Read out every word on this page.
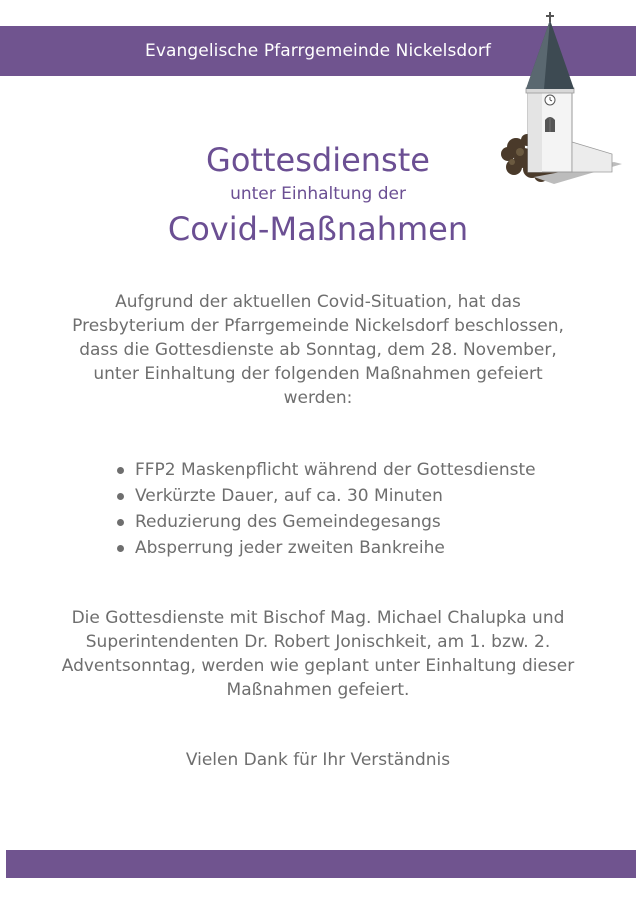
Evangelische Pfarrgemeinde Nickelsdorf
Gottesdienste

unter Einhaltung der

Covid-Maßnahmen

Aufgrund der aktuellen Covid-Situation, hat das Presbyterium der Pfarrgemeinde Nickelsdorf beschlossen, dass die Gottesdienste ab Sonntag, dem 28. November, unter Einhaltung der folgenden Maßnahmen gefeiert werden:

FFP2 Maskenpflicht während der Gottesdienste
Verkürzte Dauer, auf ca. 30 Minuten
Reduzierung des Gemeindegesangs
Absperrung jeder zweiten Bankreihe

Die Gottesdienste mit Bischof Mag. Michael Chalupka und Superintendenten Dr. Robert Jonischkeit, am 1. bzw. 2. Adventsonntag, werden wie geplant unter Einhaltung dieser Maßnahmen gefeiert.

Vielen Dank für Ihr Verständnis
